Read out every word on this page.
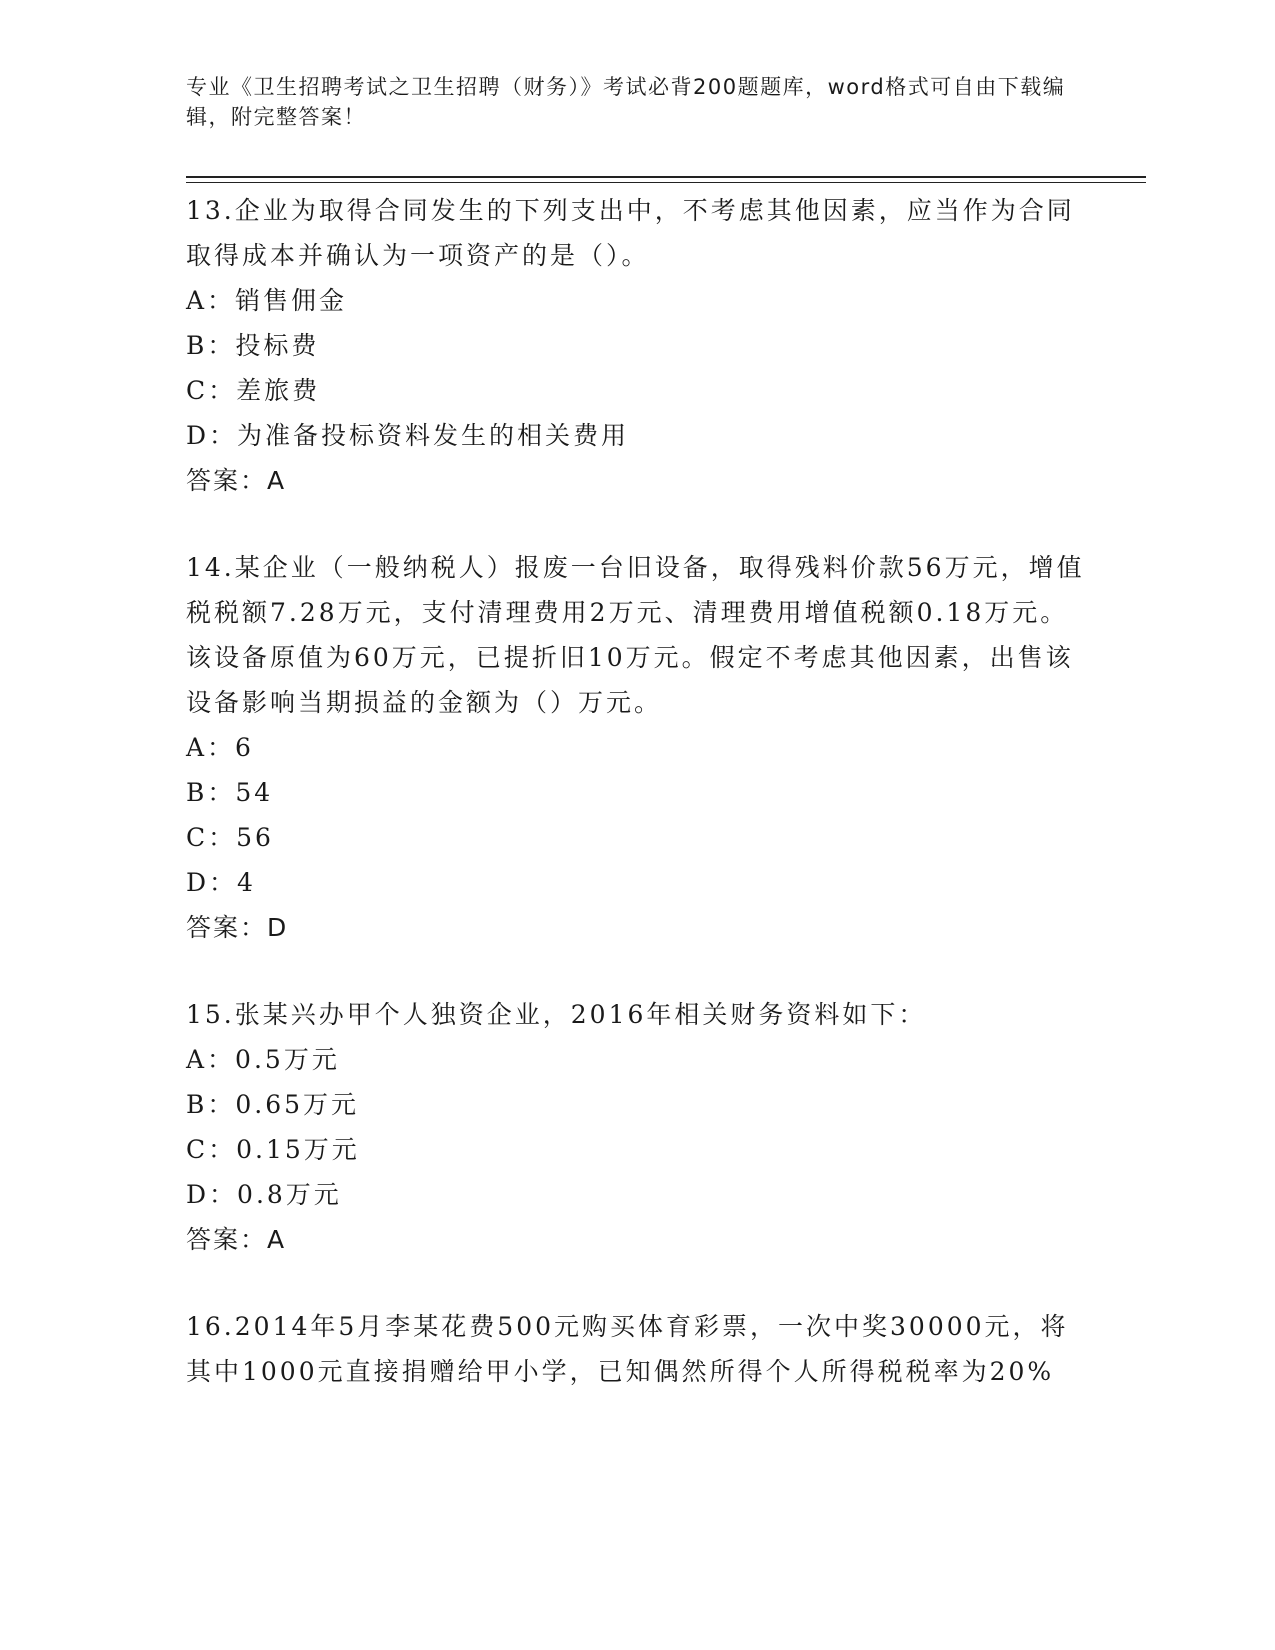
专业《卫生招聘考试之卫生招聘（财务）》考试必背200题题库，word格式可自由下载编辑，附完整答案！

13.企业为取得合同发生的下列支出中，不考虑其他因素，应当作为合同取得成本并确认为一项资产的是（）。

A：销售佣金
B：投标费
C：差旅费
D：为准备投标资料发生的相关费用
答案：A

14.某企业（一般纳税人）报废一台旧设备，取得残料价款56万元，增值税税额7.28万元，支付清理费用2万元、清理费用增值税额0.18万元。该设备原值为60万元，已提折旧10万元。假定不考虑其他因素，出售该设备影响当期损益的金额为（）万元。

A：6
B：54
C：56
D：4
答案：D

15.张某兴办甲个人独资企业，2016年相关财务资料如下：

A：0.5万元
B：0.65万元
C：0.15万元
D：0.8万元
答案：A

16.2014年5月李某花费500元购买体育彩票，一次中奖30000元，将其中1000元直接捐赠给甲小学，已知偶然所得个人所得税税率为20%
